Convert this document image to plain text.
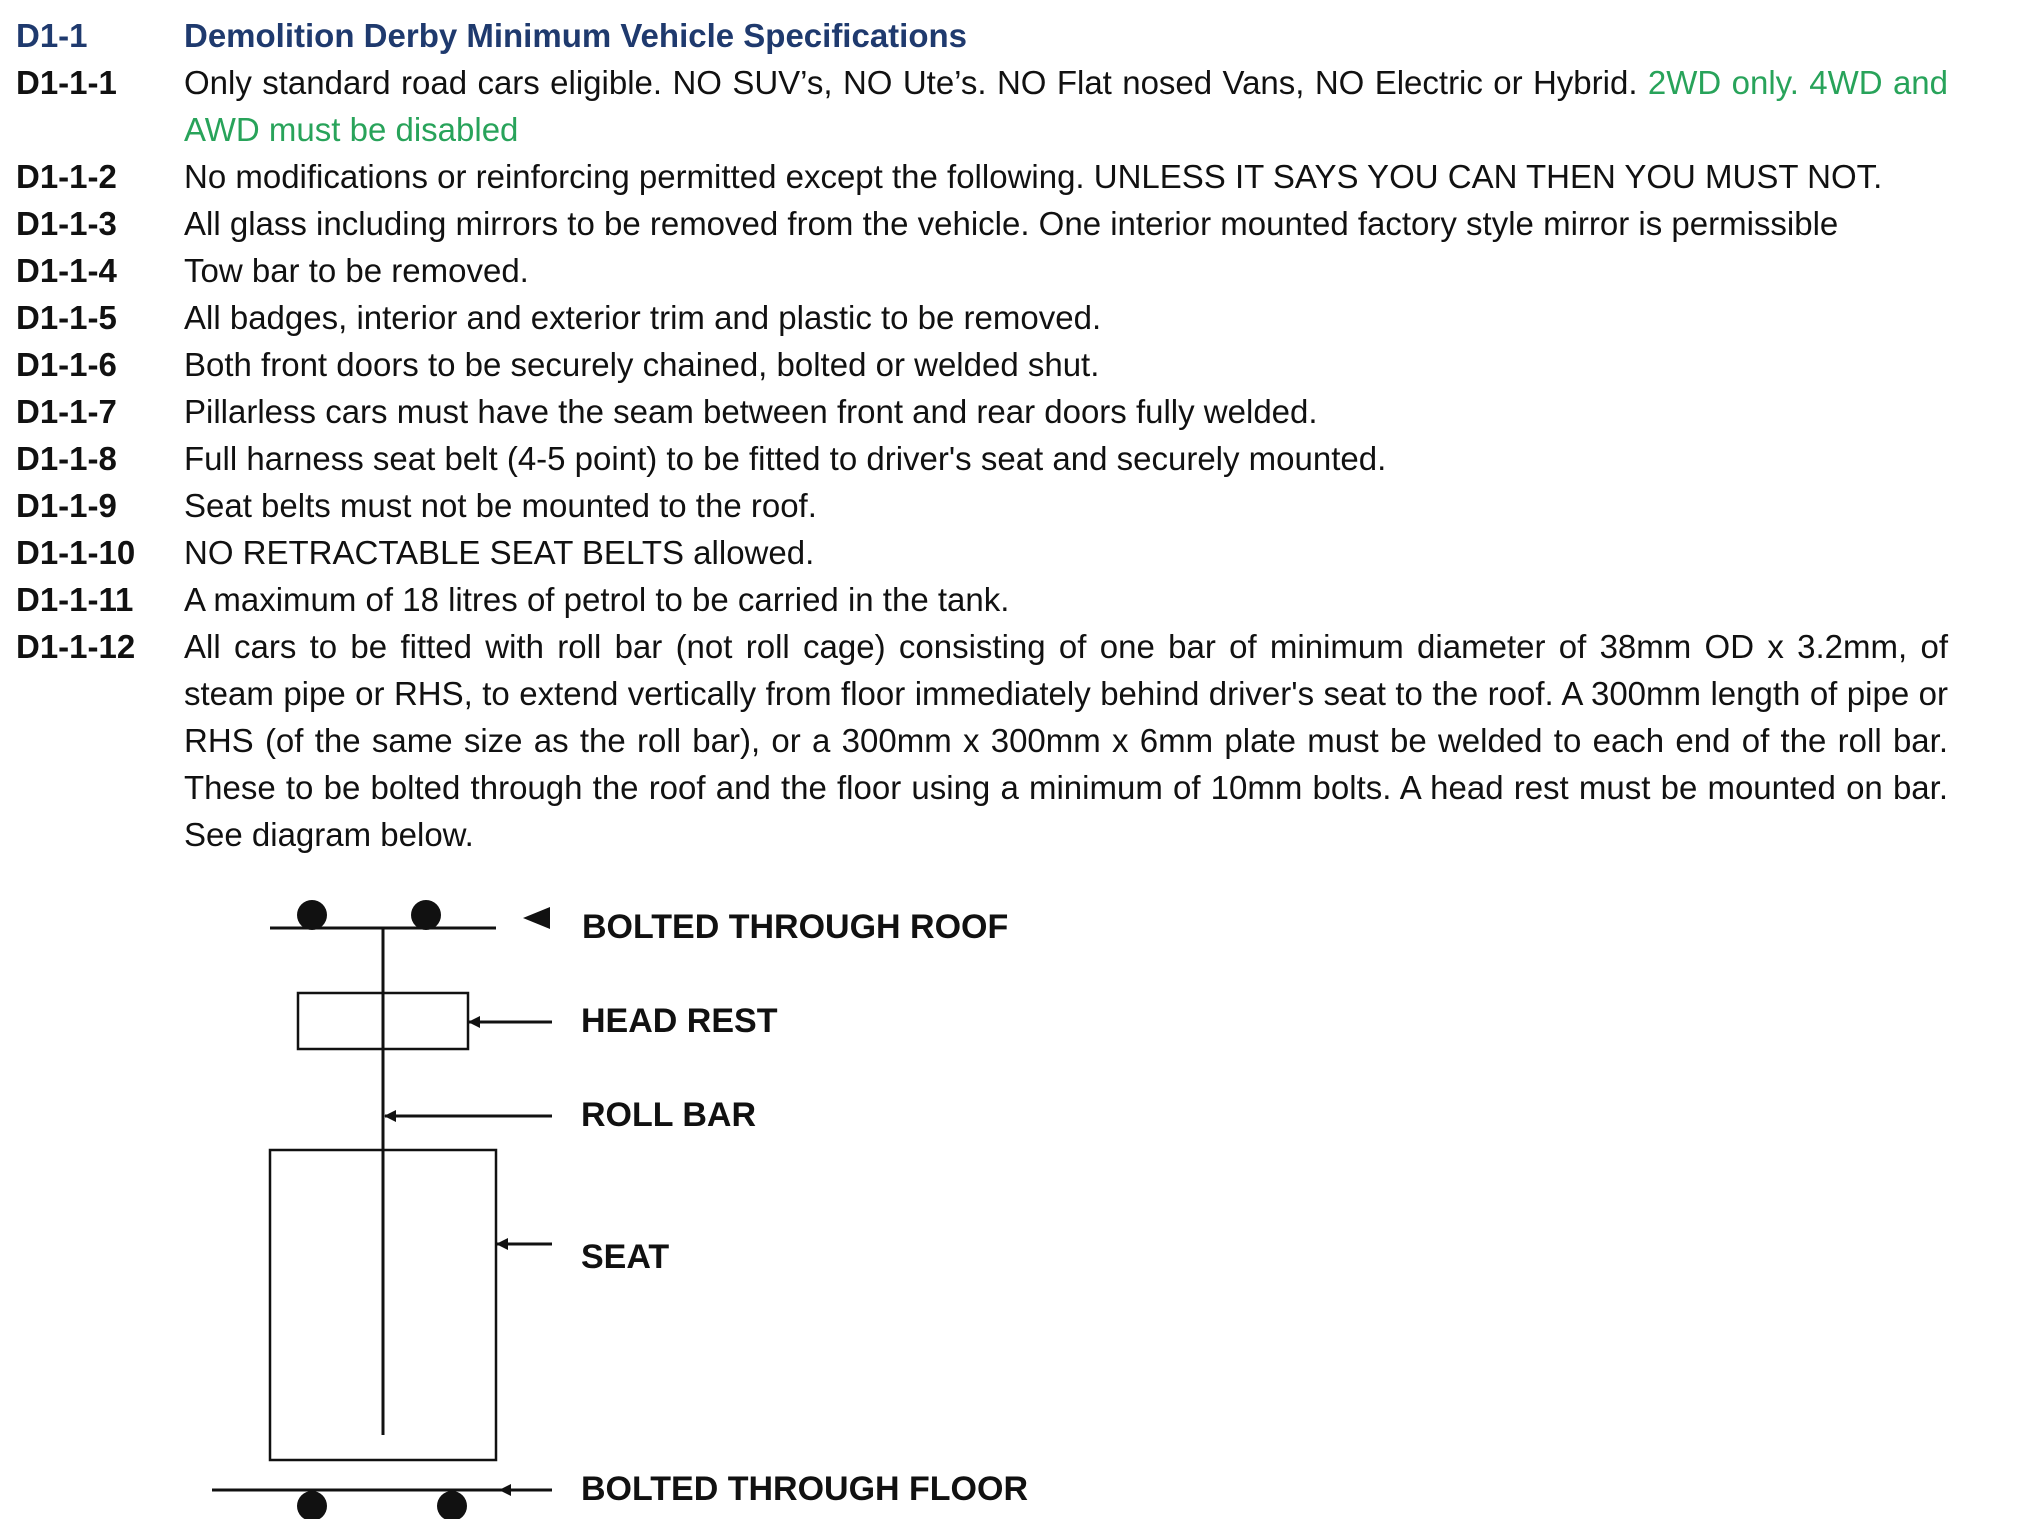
D1-1	Demolition Derby Minimum Vehicle Specifications
D1-1-1 Only standard road cars eligible. NO SUV’s, NO Ute’s. NO Flat nosed Vans, NO Electric or Hybrid. 2WD only. 4WD and AWD must be disabled
D1-1-2 No modifications or reinforcing permitted except the following. UNLESS IT SAYS YOU CAN THEN YOU MUST NOT.
D1-1-3 All glass including mirrors to be removed from the vehicle. One interior mounted factory style mirror is permissible
D1-1-4 Tow bar to be removed.
D1-1-5 All badges, interior and exterior trim and plastic to be removed.
D1-1-6 Both front doors to be securely chained, bolted or welded shut.
D1-1-7 Pillarless cars must have the seam between front and rear doors fully welded.
D1-1-8 Full harness seat belt (4-5 point) to be fitted to driver's seat and securely mounted.
D1-1-9 Seat belts must not be mounted to the roof.
D1-1-10 NO RETRACTABLE SEAT BELTS allowed.
D1-1-11 A maximum of 18 litres of petrol to be carried in the tank.
D1-1-12 All cars to be fitted with roll bar (not roll cage) consisting of one bar of minimum diameter of 38mm OD x 3.2mm, of steam pipe or RHS, to extend vertically from floor immediately behind driver's seat to the roof. A 300mm length of pipe or RHS (of the same size as the roll bar), or a 300mm x 300mm x 6mm plate must be welded to each end of the roll bar. These to be bolted through the roof and the floor using a minimum of 10mm bolts. A head rest must be mounted on bar. See diagram below.
BOLTED THROUGH ROOF
HEAD REST
ROLL BAR
SEAT
BOLTED THROUGH FLOOR
